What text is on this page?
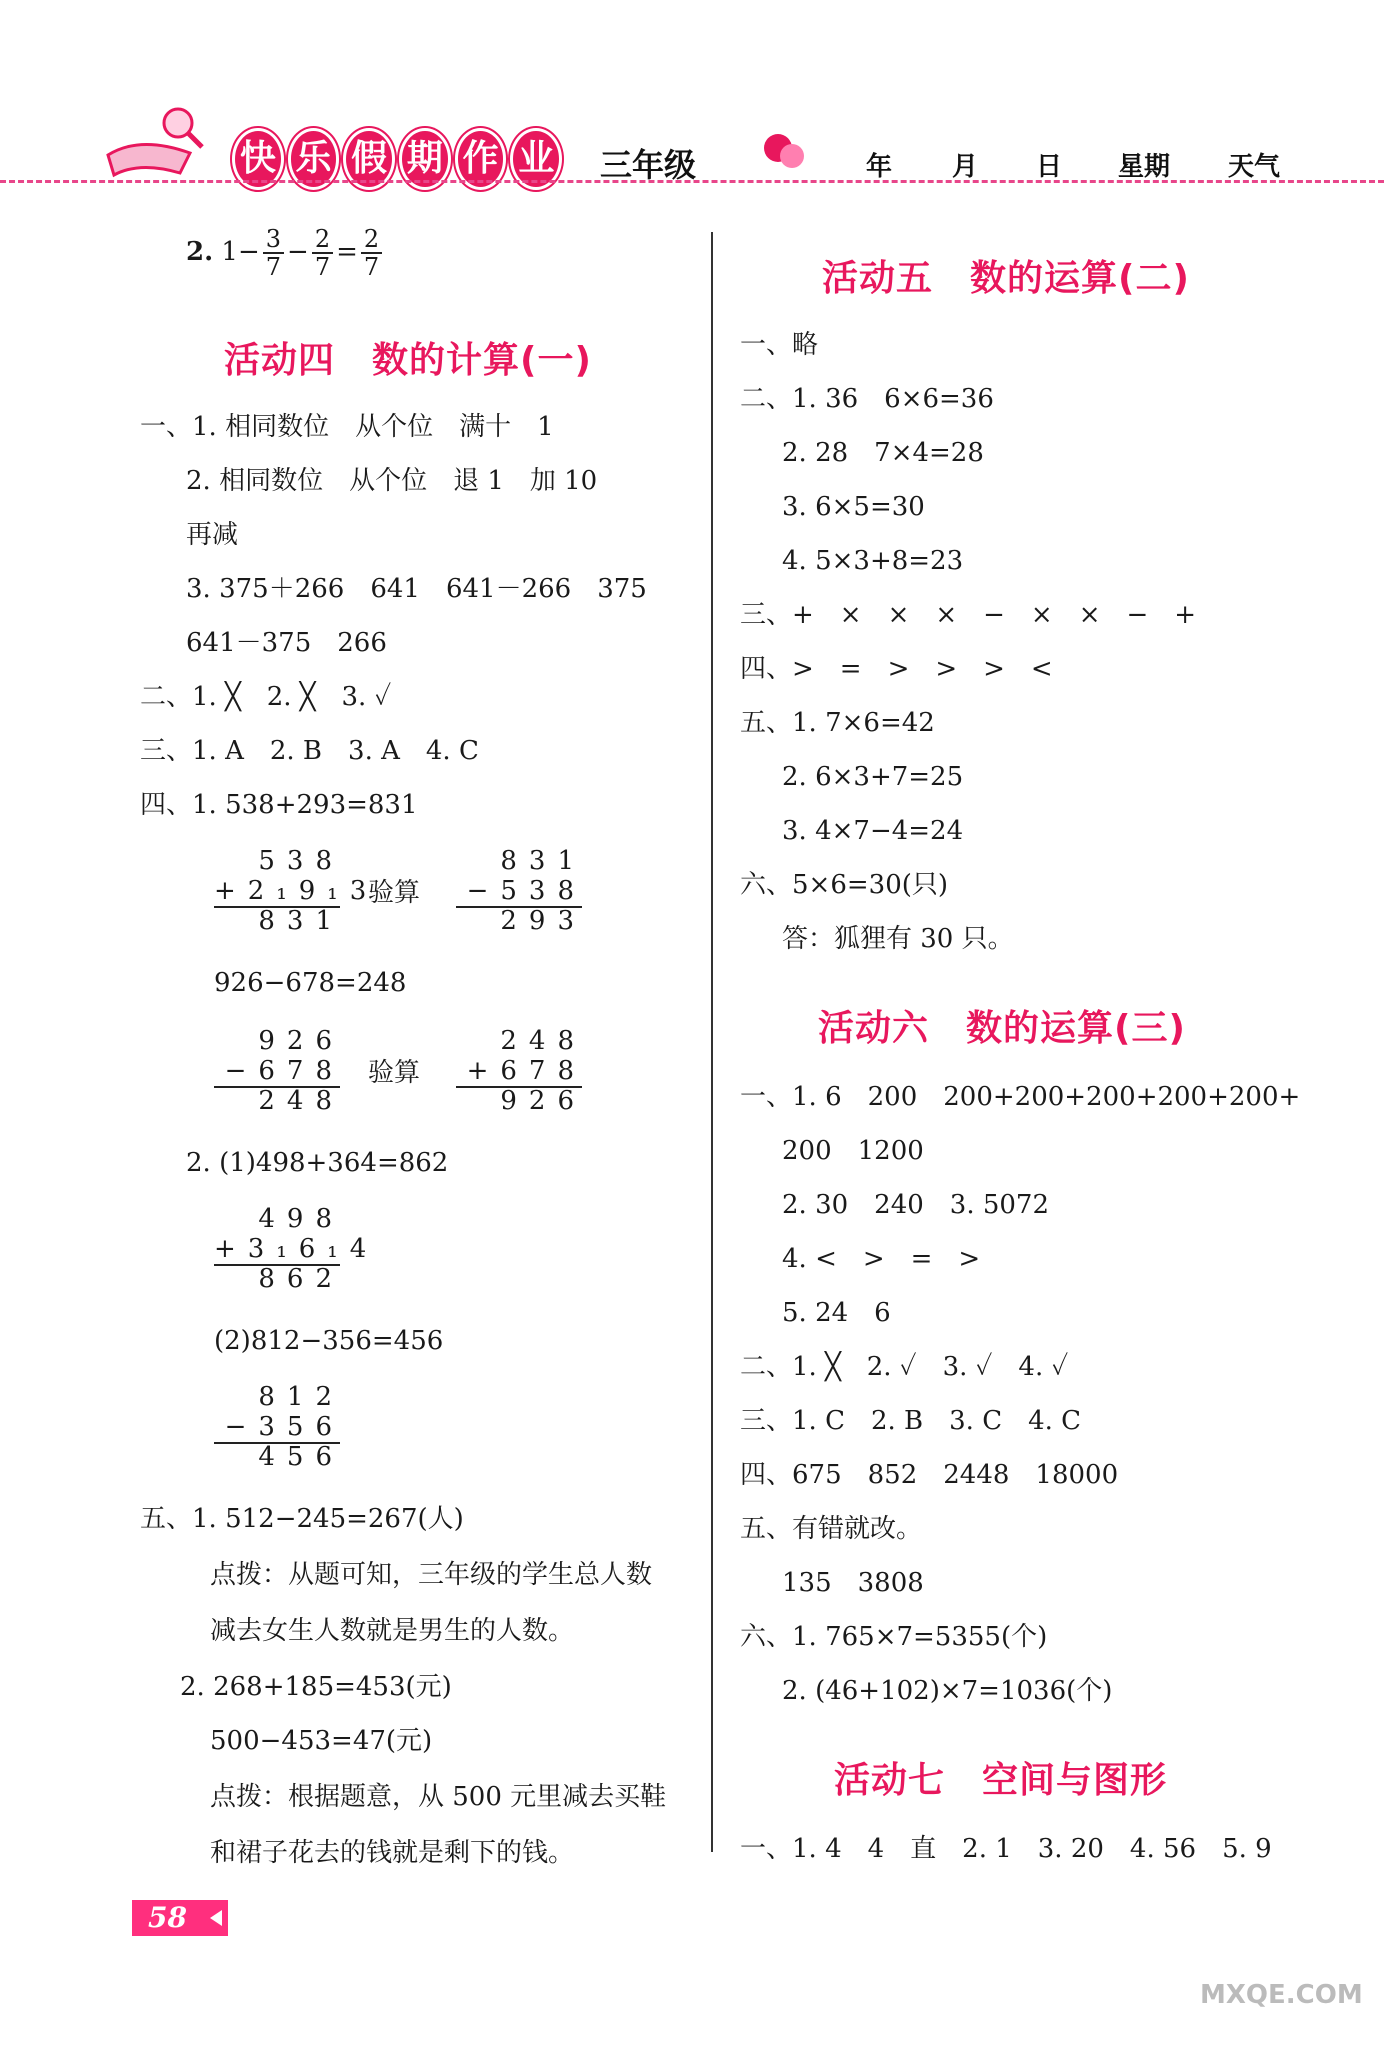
快 乐 假 期 作 业 三年级	年 月 日 星期 天气
2. $1- \frac{3}{7} - \frac{2}{7} = \frac{2}{7}$
活动四　数的计算(一)
一、1. 相同数位　从个位　满十　1
2. 相同数位　从个位　退 1　加 10
再减
3. 375＋266　641　641－266　375
641－375　266
二、1. ╳　2. ╳　3. ✓
三、1. A　2. B　3. A　4. C
四、1. 538+293=831
538
+2₁9₁3
831
验算
831
−538
293
926−678=248
926
−678
248
验算
248
+678
926
2. (1)498+364=862
498
+3₁6₁4
862
(2)812−356=456
812
−356
456
五、1. 512−245=267(人)
点拨：从题可知，三年级的学生总人数
减去女生人数就是男生的人数。
2. 268+185=453(元)
500−453=47(元)
点拨：根据题意，从 500 元里减去买鞋
和裙子花去的钱就是剩下的钱。
活动五　数的运算(二)
一、略
二、1. 36　6×6=36
2. 28　7×4=28
3. 6×5=30
4. 5×3+8=23
三、+　×　×　×　−　×　×　−　+
四、>　=　>　>　>　<
五、1. 7×6=42
2. 6×3+7=25
3. 4×7−4=24
六、5×6=30(只)
答：狐狸有 30 只。
活动六　数的运算(三)
一、1. 6　200　200+200+200+200+200+
200　1200
2. 30　240　3. 5072
4. <　>　=　>
5. 24　6
二、1. ╳　2. ✓　3. ✓　4. ✓
三、1. C　2. B　3. C　4. C
四、675　852　2448　18000
五、有错就改。
135　3808
六、1. 765×7=5355(个)
2. (46+102)×7=1036(个)
活动七　空间与图形
一、1. 4　4　直　2. 1　3. 20　4. 56　5. 9
58
MXQE.COM
